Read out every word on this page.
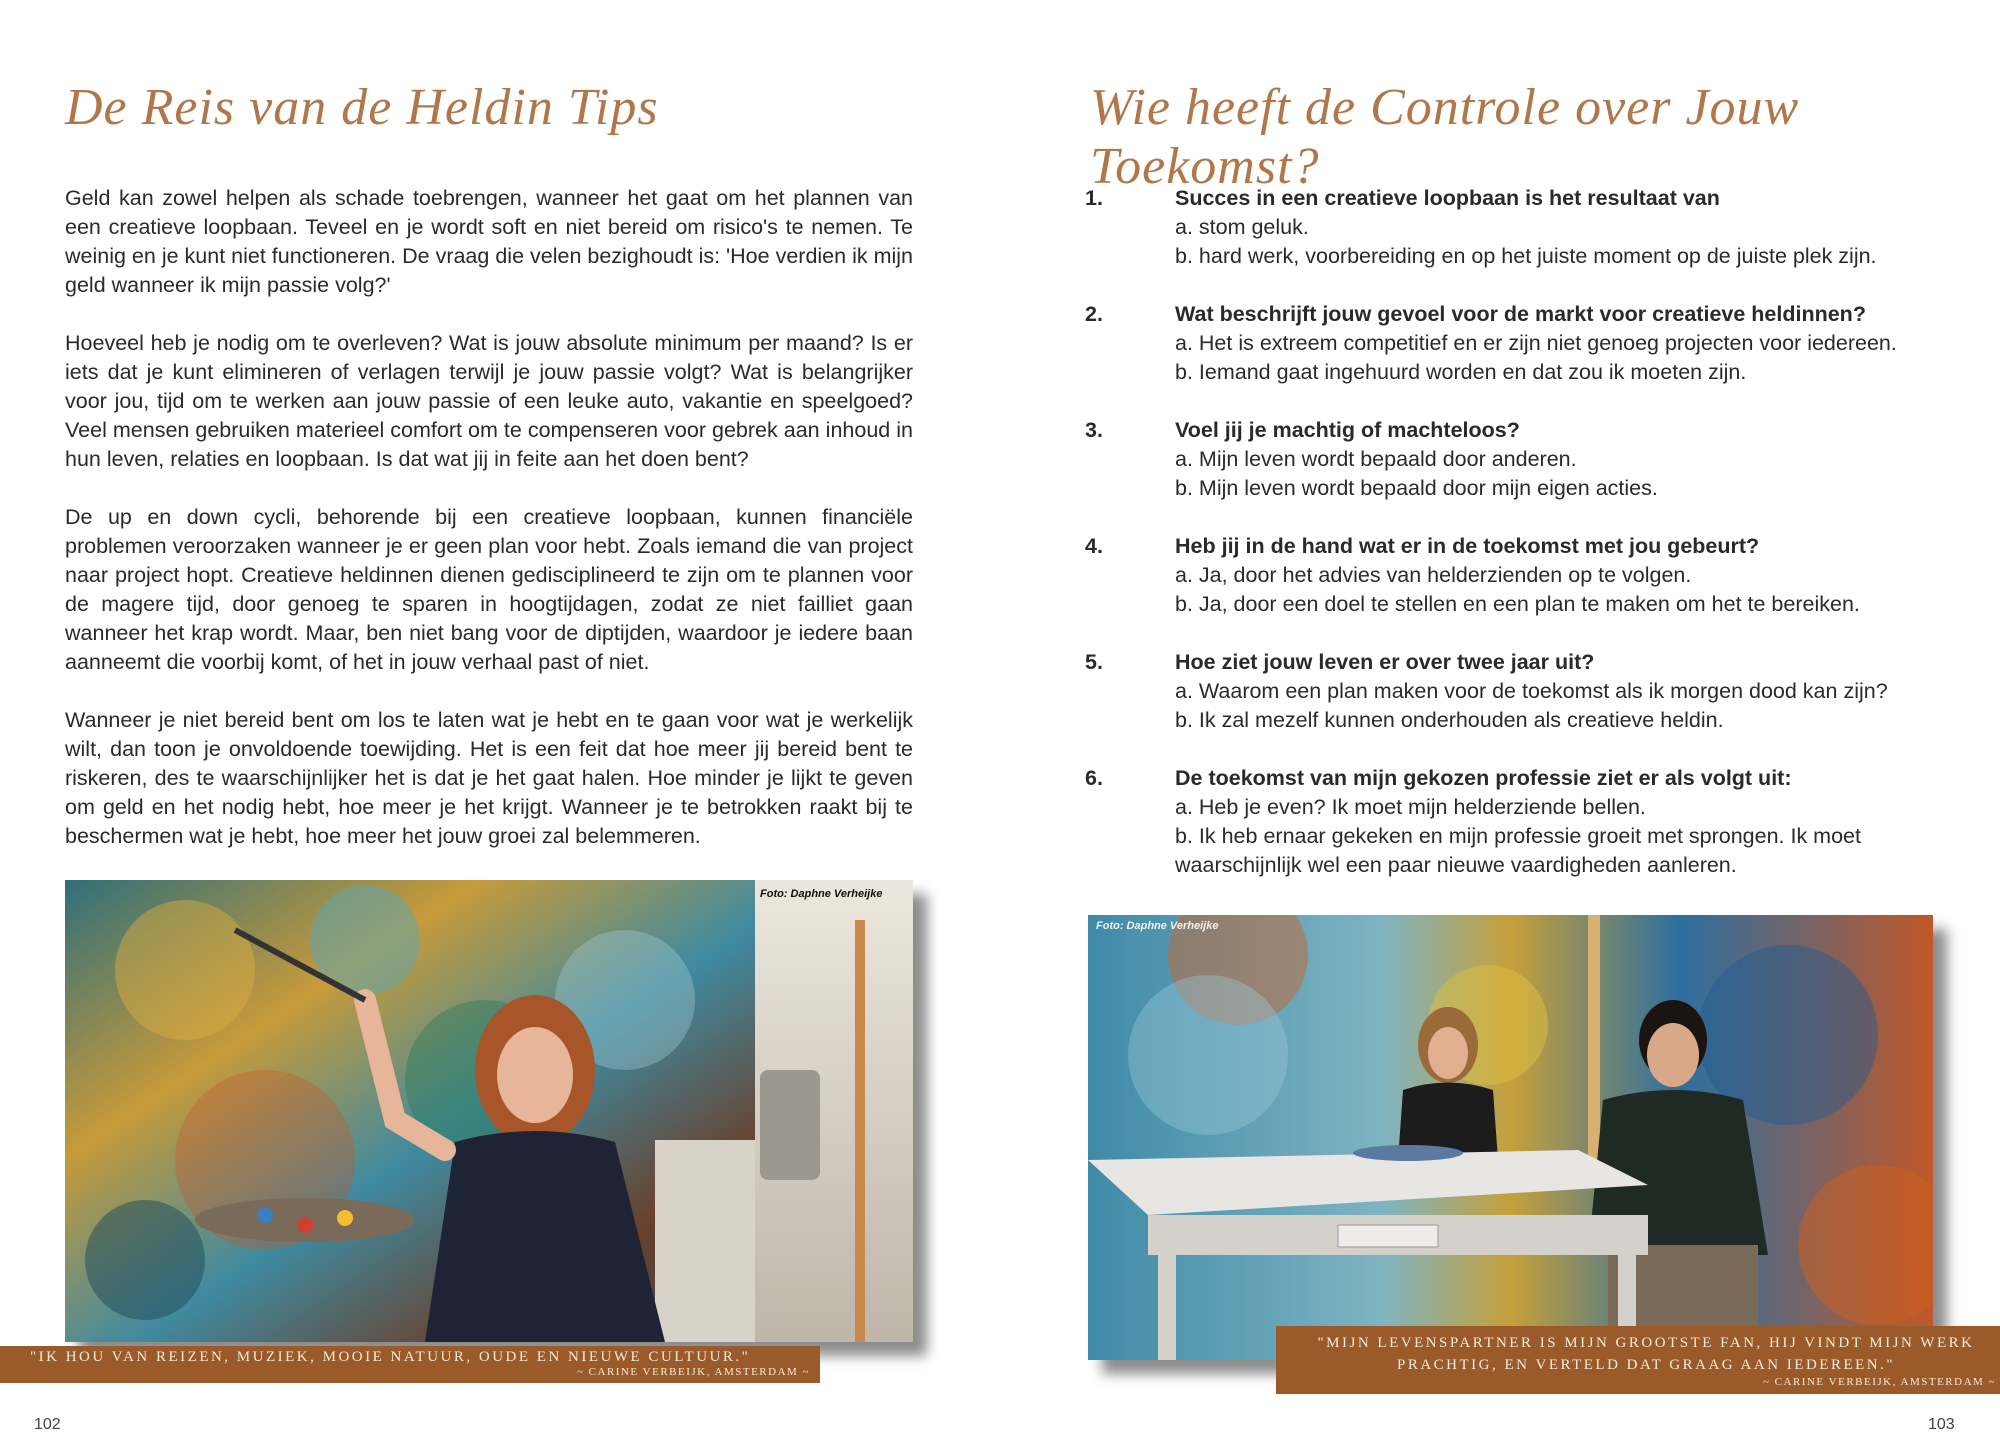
De Reis van de Heldin Tips

Geld kan zowel helpen als schade toebrengen, wanneer het gaat om het plannen van een creatieve loopbaan. Teveel en je wordt soft en niet bereid om risico's te nemen. Te weinig en je kunt niet functioneren. De vraag die velen bezighoudt is: 'Hoe verdien ik mijn geld wanneer ik mijn passie volg?'

Hoeveel heb je nodig om te overleven? Wat is jouw absolute minimum per maand? Is er iets dat je kunt elimineren of verlagen terwijl je jouw passie volgt? Wat is belangrijker voor jou, tijd om te werken aan jouw passie of een leuke auto, vakantie en speelgoed? Veel mensen gebruiken materieel comfort om te compenseren voor gebrek aan inhoud in hun leven, relaties en loopbaan. Is dat wat jij in feite aan het doen bent?

De up en down cycli, behorende bij een creatieve loopbaan, kunnen financiële problemen veroorzaken wanneer je er geen plan voor hebt. Zoals iemand die van project naar project hopt. Creatieve heldinnen dienen gedisciplineerd te zijn om te plannen voor de magere tijd, door genoeg te sparen in hoogtijdagen, zodat ze niet failliet gaan wanneer het krap wordt. Maar, ben niet bang voor de diptijden, waardoor je iedere baan aanneemt die voorbij komt, of het in jouw verhaal past of niet.

Wanneer je niet bereid bent om los te laten wat je hebt en te gaan voor wat je werkelijk wilt, dan toon je onvoldoende toewijding. Het is een feit dat hoe meer jij bereid bent te riskeren, des te waarschijnlijker het is dat je het gaat halen. Hoe minder je lijkt te geven om geld en het nodig hebt, hoe meer je het krijgt. Wanneer je te betrokken raakt bij te beschermen wat je hebt, hoe meer het jouw groei zal belemmeren.

Foto: Daphne Verheijke
"IK HOU VAN REIZEN, MUZIEK, MOOIE NATUUR, OUDE EN NIEUWE CULTUUR."
~ CARINE VERBEIJK, AMSTERDAM ~
102
Wie heeft de Controle over Jouw Toekomst?
1.	Succes in een creatieve loopbaan is het resultaat van
a. stom geluk.
b. hard werk, voorbereiding en op het juiste moment op de juiste plek zijn.
2.	Wat beschrijft jouw gevoel voor de markt voor creatieve heldinnen?
a. Het is extreem competitief en er zijn niet genoeg projecten voor iedereen.
b. Iemand gaat ingehuurd worden en dat zou ik moeten zijn.
3.	Voel jij je machtig of machteloos?
a. Mijn leven wordt bepaald door anderen.
b. Mijn leven wordt bepaald door mijn eigen acties.
4.	Heb jij in de hand wat er in de toekomst met jou gebeurt?
a. Ja, door het advies van helderzienden op te volgen.
b. Ja, door een doel te stellen en een plan te maken om het te bereiken.
5.	Hoe ziet jouw leven er over twee jaar uit?
a. Waarom een plan maken voor de toekomst als ik morgen dood kan zijn?
b. Ik zal mezelf kunnen onderhouden als creatieve heldin.
6.	De toekomst van mijn gekozen professie ziet er als volgt uit:
a. Heb je even? Ik moet mijn helderziende bellen.
b. Ik heb ernaar gekeken en mijn professie groeit met sprongen. Ik moet waarschijnlijk wel een paar nieuwe vaardigheden aanleren.
Foto: Daphne Verheijke
"MIJN LEVENSPARTNER IS MIJN GROOTSTE FAN, HIJ VINDT MIJN WERK PRACHTIG, EN VERTELD DAT GRAAG AAN IEDEREEN."
~ CARINE VERBEIJK, AMSTERDAM ~
103
